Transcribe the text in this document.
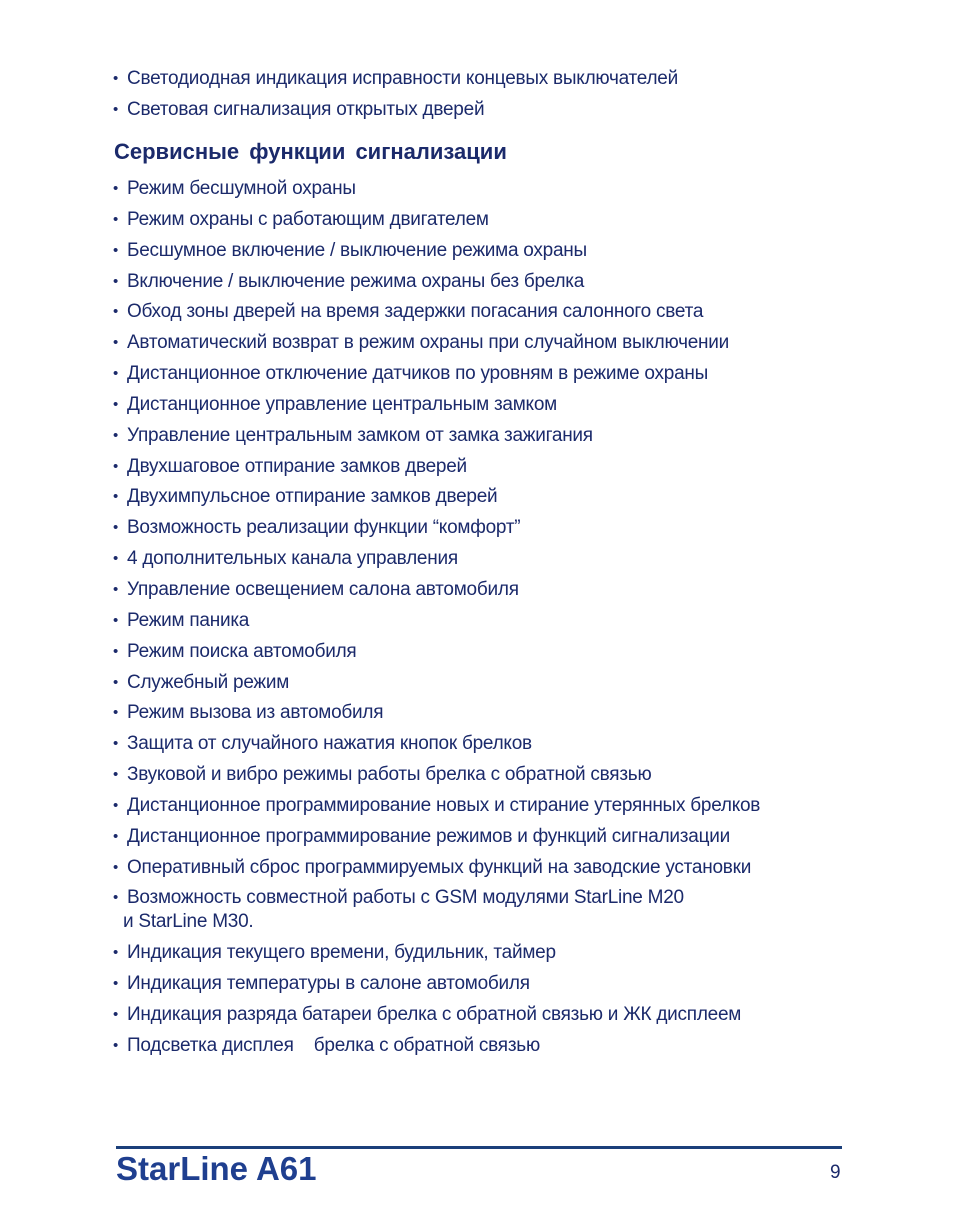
• Светодиодная индикация исправности концевых выключателей
• Световая сигнализация открытых дверей
Сервисные функции сигнализации
• Режим бесшумной охраны
• Режим охраны с работающим двигателем
• Бесшумное включение / выключение режима охраны
• Включение / выключение режима охраны без брелка
• Обход зоны дверей на время задержки погасания салонного света
• Автоматический возврат в режим охраны при случайном выключении
• Дистанционное отключение датчиков по уровням в режиме охраны
• Дистанционное управление центральным замком
• Управление центральным замком от замка зажигания
• Двухшаговое отпирание замков дверей
• Двухимпульсное отпирание замков дверей
• Возможность реализации функции “комфорт”
• 4 дополнительных канала управления
• Управление освещением салона автомобиля
• Режим паника
• Режим поиска автомобиля
• Служебный режим
• Режим вызова из автомобиля
• Защита от случайного нажатия кнопок брелков
• Звуковой и вибро режимы работы брелка с обратной связью
• Дистанционное программирование новых и стирание утерянных брелков
• Дистанционное программирование режимов и функций сигнализации
• Оперативный сброс программируемых функций на заводские установки
• Возможность совместной работы с GSM модулями StarLine M20
и StarLine M30.
• Индикация текущего времени, будильник, таймер
• Индикация температуры в салоне автомобиля
• Индикация разряда батареи брелка с обратной связью и ЖК дисплеем
• Подсветка дисплея    брелка с обратной связью
StarLine A61	9
